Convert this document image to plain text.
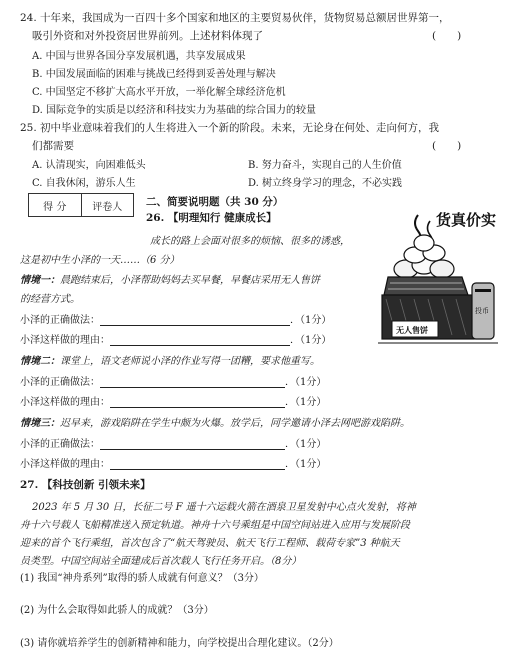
24. 十年来，我国成为一百四十多个国家和地区的主要贸易伙伴，货物贸易总额居世界第一，
吸引外资和对外投资居世界前列。上述材料体现了	(　　)
A. 中国与世界各国分享发展机遇，共享发展成果
B. 中国发展面临的困难与挑战已经得到妥善处理与解决
C. 中国坚定不移扩大高水平开放，一举化解全球经济危机
D. 国际竞争的实质是以经济和科技实力为基础的综合国力的较量
25. 初中毕业意味着我们的人生将进入一个新的阶段。未来，无论身在何处、走向何方，我
们都需要	(　　)
A. 认清现实，向困难低头	B. 努力奋斗，实现自己的人生价值
C. 自我休闲，游乐人生	D. 树立终身学习的理念，不必实践
得 分	评卷人 二、简要说明题（共 30 分）
26. 【明理知行 健康成长】
成长的路上会面对很多的烦恼、很多的诱惑，
这是初中生小泽的一天……（6 分）
情境一：晨跑结束后，小泽帮助妈妈去买早餐，早餐店采用无人售饼
的经营方式。
小泽的正确做法：	．（1分）
小泽这样做的理由：	．（1分）
情境二：课堂上，语文老师说小泽的作业写得一团糟，要求他重写。
小泽的正确做法：	．（1分）
小泽这样做的理由：	．（1分）
情境三：迟早来，游戏陷阱在学生中颇为火爆。放学后，同学邀请小泽去网吧游戏陷阱。
小泽的正确做法：	．（1分）
小泽这样做的理由：	．（1分）
货真价实
无人售饼
投币
27. 【科技创新 引领未来】
2023 年 5 月 30 日，长征二号 F 遥十六运载火箭在酒泉卫星发射中心点火发射，将神
舟十六号载人飞船精准送入预定轨道。神舟十六号乘组是中国空间站进入应用与发展阶段
迎来的首个飞行乘组，首次包含了“航天驾驶员、航天飞行工程师、载荷专家”3 种航天
员类型。中国空间站全面建成后首次载人飞行任务开启。（8分）
(1) 我国“神舟系列”取得的骄人成就有何意义？（3分）
(2) 为什么会取得如此骄人的成就？（3分）
(3) 请你就培养学生的创新精神和能力，向学校提出合理化建议。（2分）
